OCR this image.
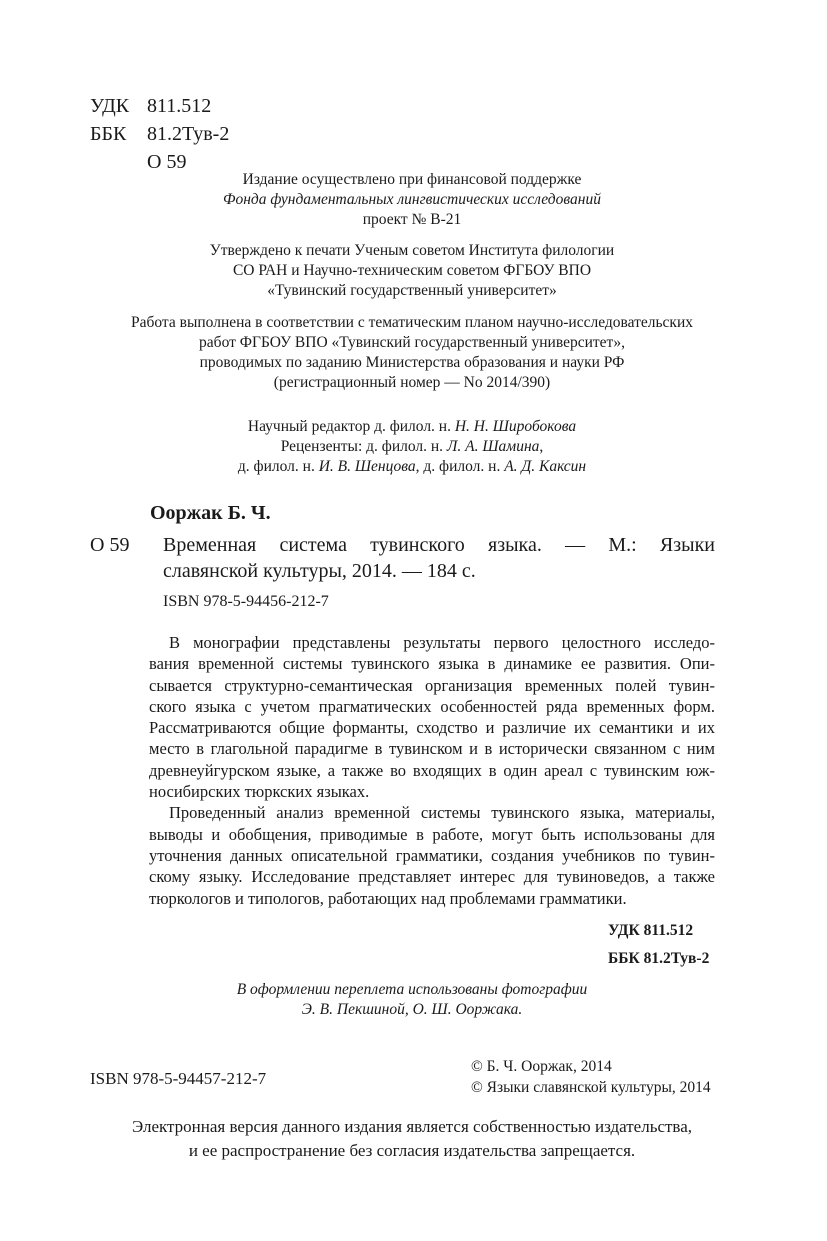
УДК 811.512
ББК 81.2Тув-2
О 59
Издание осуществлено при финансовой поддержке
Фонда фундаментальных лингвистических исследований
проект № В-21
Утверждено к печати Ученым советом Института филологии
СО РАН и Научно-техническим советом ФГБОУ ВПО
«Тувинский государственный университет»
Работа выполнена в соответствии с тематическим планом научно-исследовательских
работ ФГБОУ ВПО «Тувинский государственный университет»,
проводимых по заданию Министерства образования и науки РФ
(регистрационный номер — No 2014/390)
Научный редактор д. филол. н. Н. Н. Широбокова
Рецензенты: д. филол. н. Л. А. Шамина,
д. филол. н. И. В. Шенцова, д. филол. н. А. Д. Каксин
Ооржак Б. Ч.
О 59 Временная система тувинского языка. — М.: Языки
славянской культуры, 2014. — 184 с.
ISBN 978-5-94456-212-7
В монографии представлены результаты первого целостного исследо-
вания временной системы тувинского языка в динамике ее развития. Опи-
сывается структурно-семантическая организация временных полей тувин-
ского языка с учетом прагматических особенностей ряда временных форм.
Рассматриваются общие форманты, сходство и различие их семантики и их
место в глагольной парадигме в тувинском и в исторически связанном с ним
древнеуйгурском языке, а также во входящих в один ареал с тувинским юж-
носибирских тюркских языках.
Проведенный анализ временной системы тувинского языка, материалы,
выводы и обобщения, приводимые в работе, могут быть использованы для
уточнения данных описательной грамматики, создания учебников по тувин-
скому языку. Исследование представляет интерес для тувиноведов, а также
тюркологов и типологов, работающих над проблемами грамматики.
УДК 811.512
ББК 81.2Тув-2
В оформлении переплета использованы фотографии
Э. В. Пекшиной, О. Ш. Ооржака.
© Б. Ч. Ооржак, 2014
© Языки славянской культуры, 2014
ISBN 978-5-94457-212-7
Электронная версия данного издания является собственностью издательства,
и ее распространение без согласия издательства запрещается.
